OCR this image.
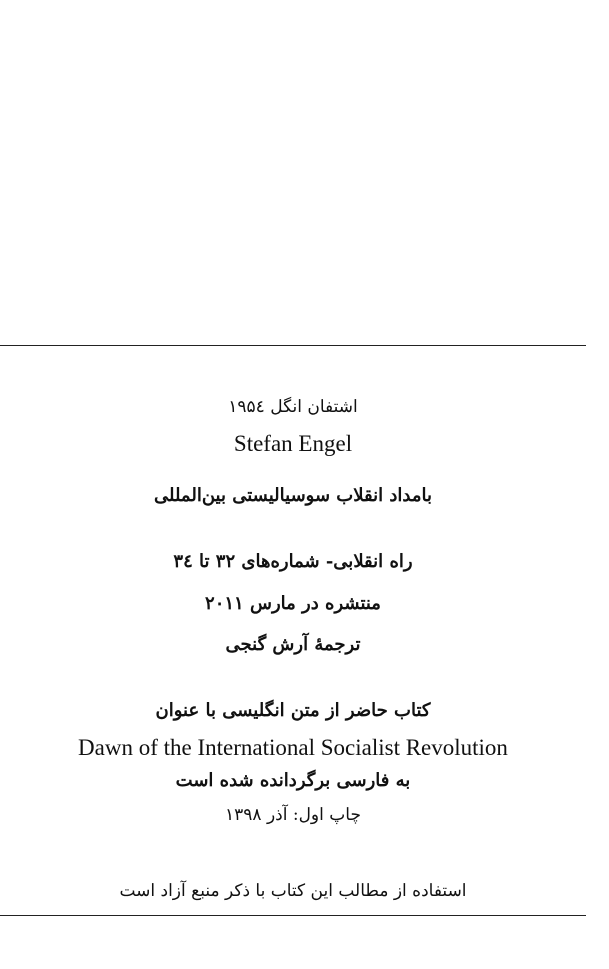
اشتفان انگل ۱۹۵٤
Stefan Engel
بامداد انقلاب سوسیالیستی بین‌المللی
راه انقلابی- شماره‌های ۳۲ تا ۳٤
منتشره در مارس ۲۰۱۱
ترجمهٔ آرش گنجی
کتاب حاضر از متن انگلیسی با عنوان
Dawn of the International Socialist Revolution
به فارسی برگردانده شده است
چاپ اول: آذر ۱۳۹۸
استفاده از مطالب این کتاب با ذکر منبع آزاد است
